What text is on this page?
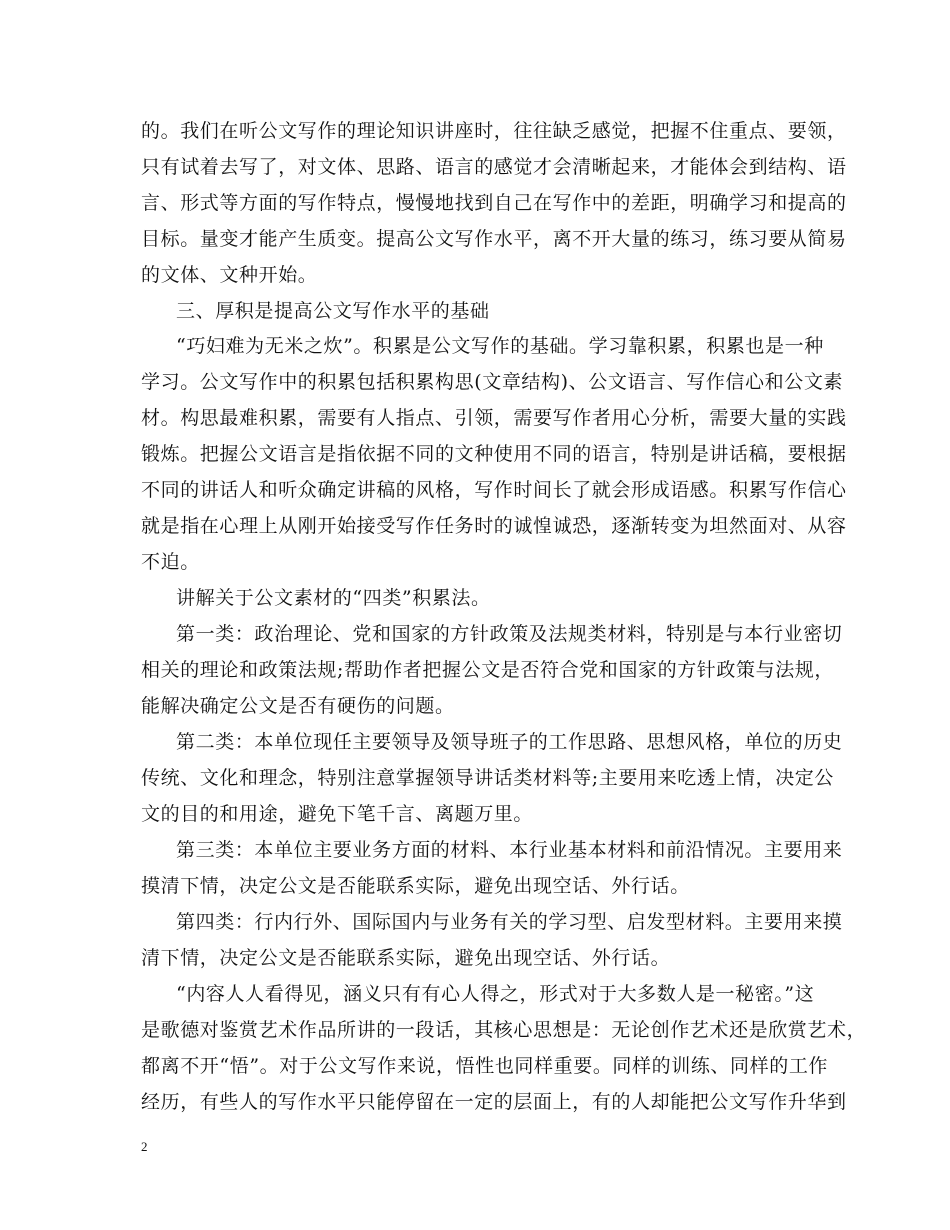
的。我们在听公文写作的理论知识讲座时，往往缺乏感觉，把握不住重点、要领，
只有试着去写了，对文体、思路、语言的感觉才会清晰起来，才能体会到结构、语
言、形式等方面的写作特点，慢慢地找到自己在写作中的差距，明确学习和提高的
目标。量变才能产生质变。提高公文写作水平，离不开大量的练习，练习要从简易
的文体、文种开始。
三、厚积是提高公文写作水平的基础
“巧妇难为无米之炊”。积累是公文写作的基础。学习靠积累，积累也是一种
学习。公文写作中的积累包括积累构思(文章结构)、公文语言、写作信心和公文素
材。构思最难积累，需要有人指点、引领，需要写作者用心分析，需要大量的实践
锻炼。把握公文语言是指依据不同的文种使用不同的语言，特别是讲话稿，要根据
不同的讲话人和听众确定讲稿的风格，写作时间长了就会形成语感。积累写作信心
就是指在心理上从刚开始接受写作任务时的诚惶诚恐，逐渐转变为坦然面对、从容
不迫。
讲解关于公文素材的“四类”积累法。
第一类：政治理论、党和国家的方针政策及法规类材料，特别是与本行业密切
相关的理论和政策法规;帮助作者把握公文是否符合党和国家的方针政策与法规，
能解决确定公文是否有硬伤的问题。
第二类：本单位现任主要领导及领导班子的工作思路、思想风格，单位的历史
传统、文化和理念，特别注意掌握领导讲话类材料等;主要用来吃透上情，决定公
文的目的和用途，避免下笔千言、离题万里。
第三类：本单位主要业务方面的材料、本行业基本材料和前沿情况。主要用来
摸清下情，决定公文是否能联系实际，避免出现空话、外行话。
第四类：行内行外、国际国内与业务有关的学习型、启发型材料。主要用来摸
清下情，决定公文是否能联系实际，避免出现空话、外行话。
“内容人人看得见，涵义只有有心人得之，形式对于大多数人是一秘密。”这
是歌德对鉴赏艺术作品所讲的一段话，其核心思想是：无论创作艺术还是欣赏艺术，
都离不开“悟”。对于公文写作来说，悟性也同样重要。同样的训练、同样的工作
经历，有些人的写作水平只能停留在一定的层面上，有的人却能把公文写作升华到
2
